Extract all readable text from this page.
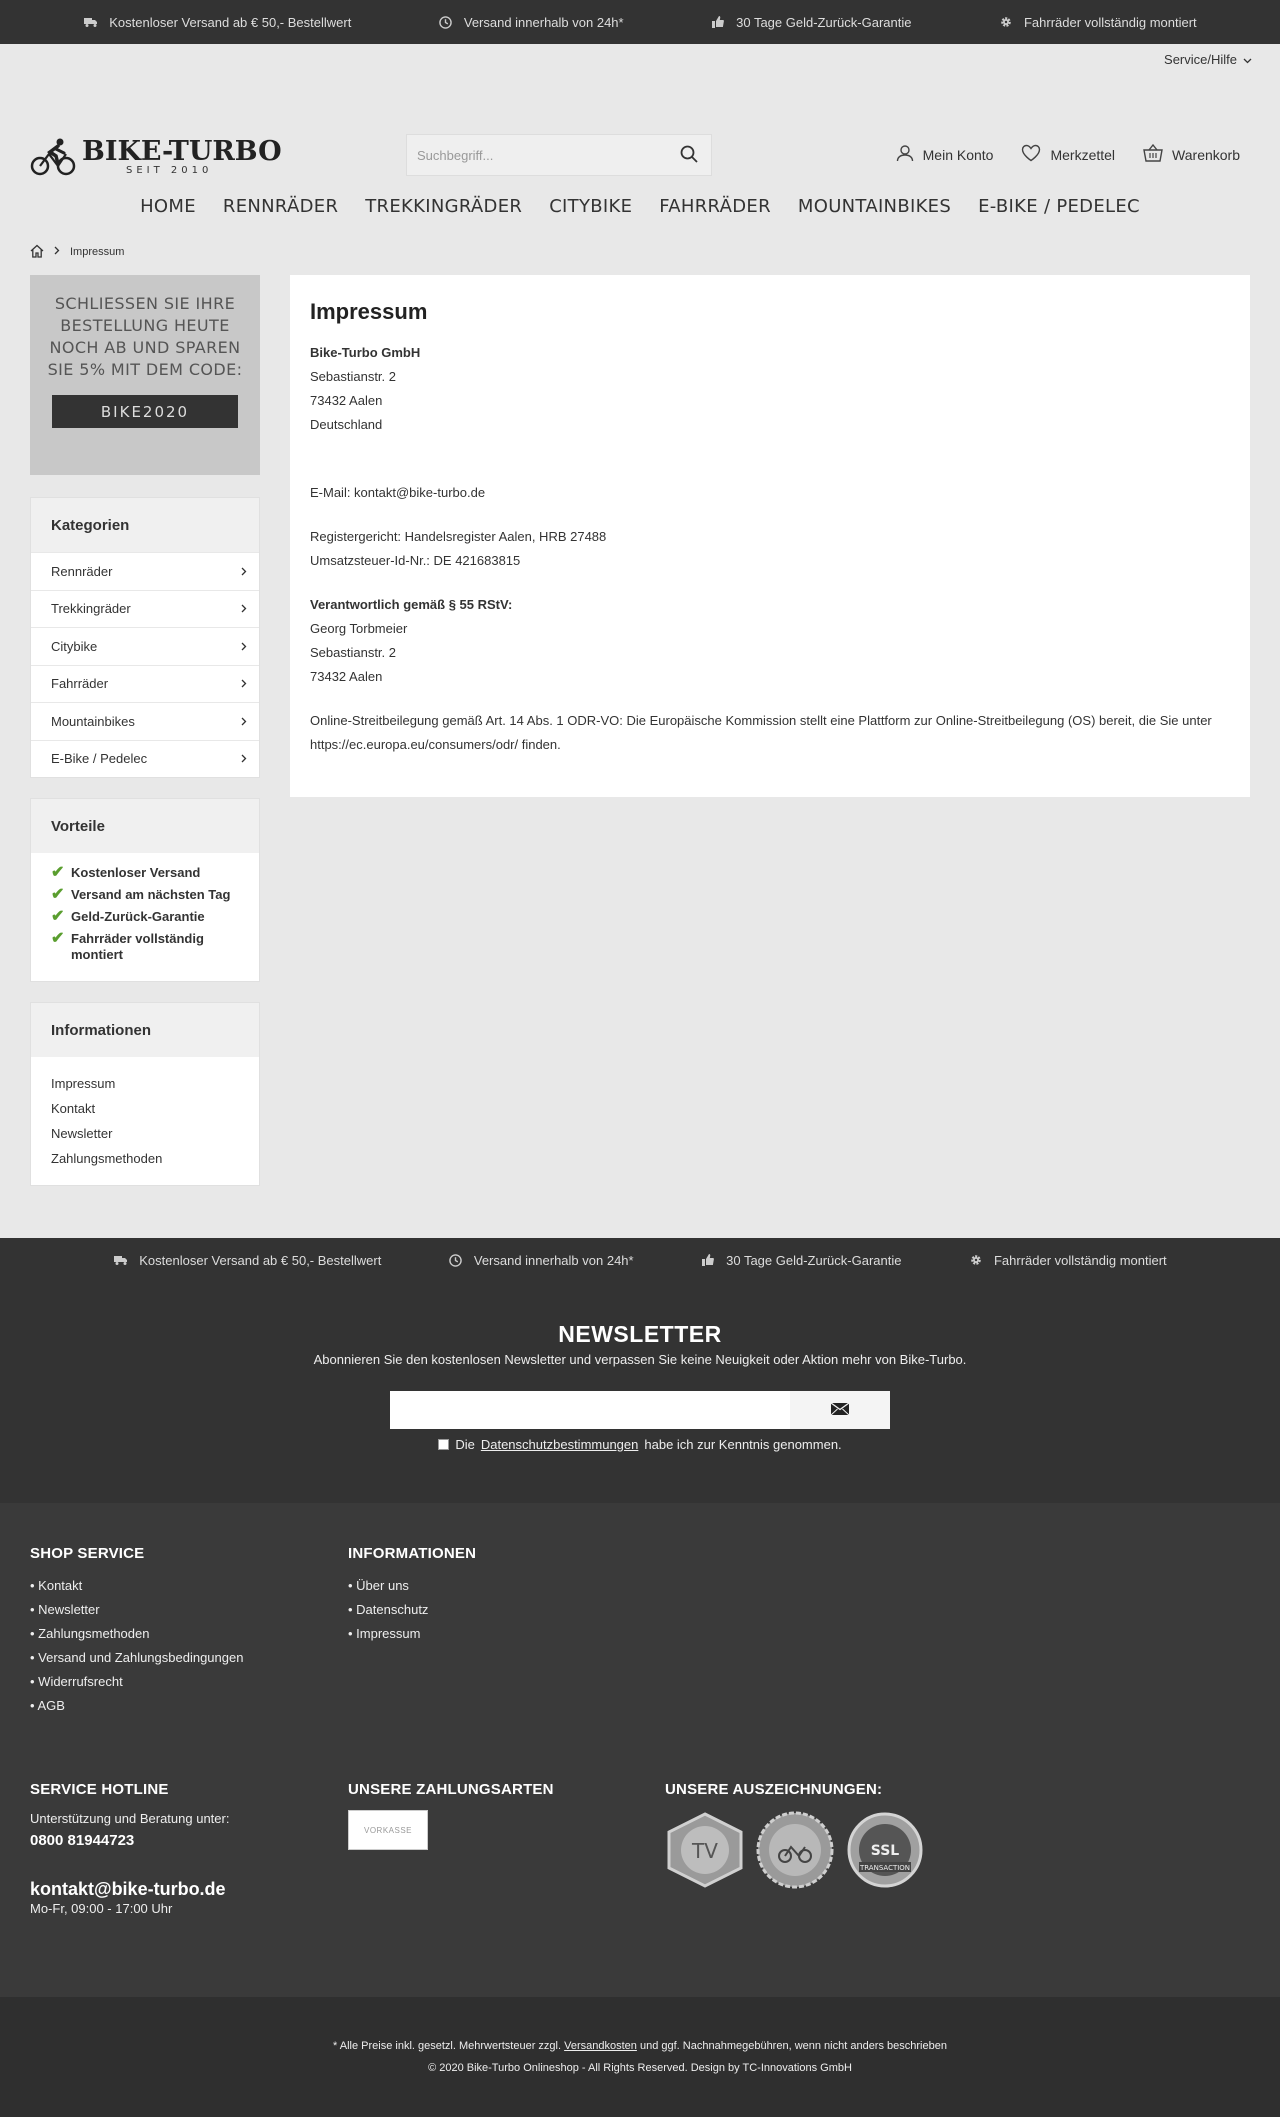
Kostenloser Versand ab € 50,- Bestellwert	Versand innerhalb von 24h*	30 Tage Geld-Zurück-Garantie	Fahrräder vollständig montiert
Service/Hilfe
BIKE-TURBO
SEIT 2010
Suchbegriff...
Mein Konto	Merkzettel	Warenkorb
HOME RENNRÄDER TREKKINGRÄDER CITYBIKE FAHRRÄDER MOUNTAINBIKES E-BIKE / PEDELEC
Impressum
SCHLIESSEN SIE IHRE BESTELLUNG HEUTE NOCH AB UND SPAREN SIE 5% MIT DEM CODE:
BIKE2020
Kategorien
Rennräder
Trekkingräder
Citybike
Fahrräder
Mountainbikes
E-Bike / Pedelec
Vorteile
✔ Kostenloser Versand
✔ Versand am nächsten Tag
✔ Geld-Zurück-Garantie
✔ Fahrräder vollständig montiert
Informationen
Impressum
Kontakt
Newsletter
Zahlungsmethoden
Impressum
Bike-Turbo GmbH
Sebastianstr. 2
73432 Aalen
Deutschland

E-Mail: kontakt@bike-turbo.de

Registergericht: Handelsregister Aalen, HRB 27488
Umsatzsteuer-Id-Nr.: DE 421683815

Verantwortlich gemäß § 55 RStV:
Georg Torbmeier
Sebastianstr. 2
73432 Aalen

Online-Streitbeilegung gemäß Art. 14 Abs. 1 ODR-VO: Die Europäische Kommission stellt eine Plattform zur Online-Streitbeilegung (OS) bereit, die Sie unter https://ec.europa.eu/consumers/odr/ finden.

Kostenloser Versand ab € 50,- Bestellwert	Versand innerhalb von 24h*	30 Tage Geld-Zurück-Garantie	Fahrräder vollständig montiert
NEWSLETTER
Abonnieren Sie den kostenlosen Newsletter und verpassen Sie keine Neuigkeit oder Aktion mehr von Bike-Turbo.
Die Datenschutzbestimmungen habe ich zur Kenntnis genommen.
SHOP SERVICE
• Kontakt
• Newsletter
• Zahlungsmethoden
• Versand und Zahlungsbedingungen
• Widerrufsrecht
• AGB
INFORMATIONEN
• Über uns
• Datenschutz
• Impressum
SERVICE HOTLINE
Unterstützung und Beratung unter:
0800 81944723
kontakt@bike-turbo.de
Mo-Fr, 09:00 - 17:00 Uhr
UNSERE ZAHLUNGSARTEN
VORKASSE
UNSERE AUSZEICHNUNGEN:
TV	SSL
TRANSACTION
* Alle Preise inkl. gesetzl. Mehrwertsteuer zzgl. Versandkosten und ggf. Nachnahmegebühren, wenn nicht anders beschrieben
© 2020 Bike-Turbo Onlineshop - All Rights Reserved. Design by TC-Innovations GmbH
